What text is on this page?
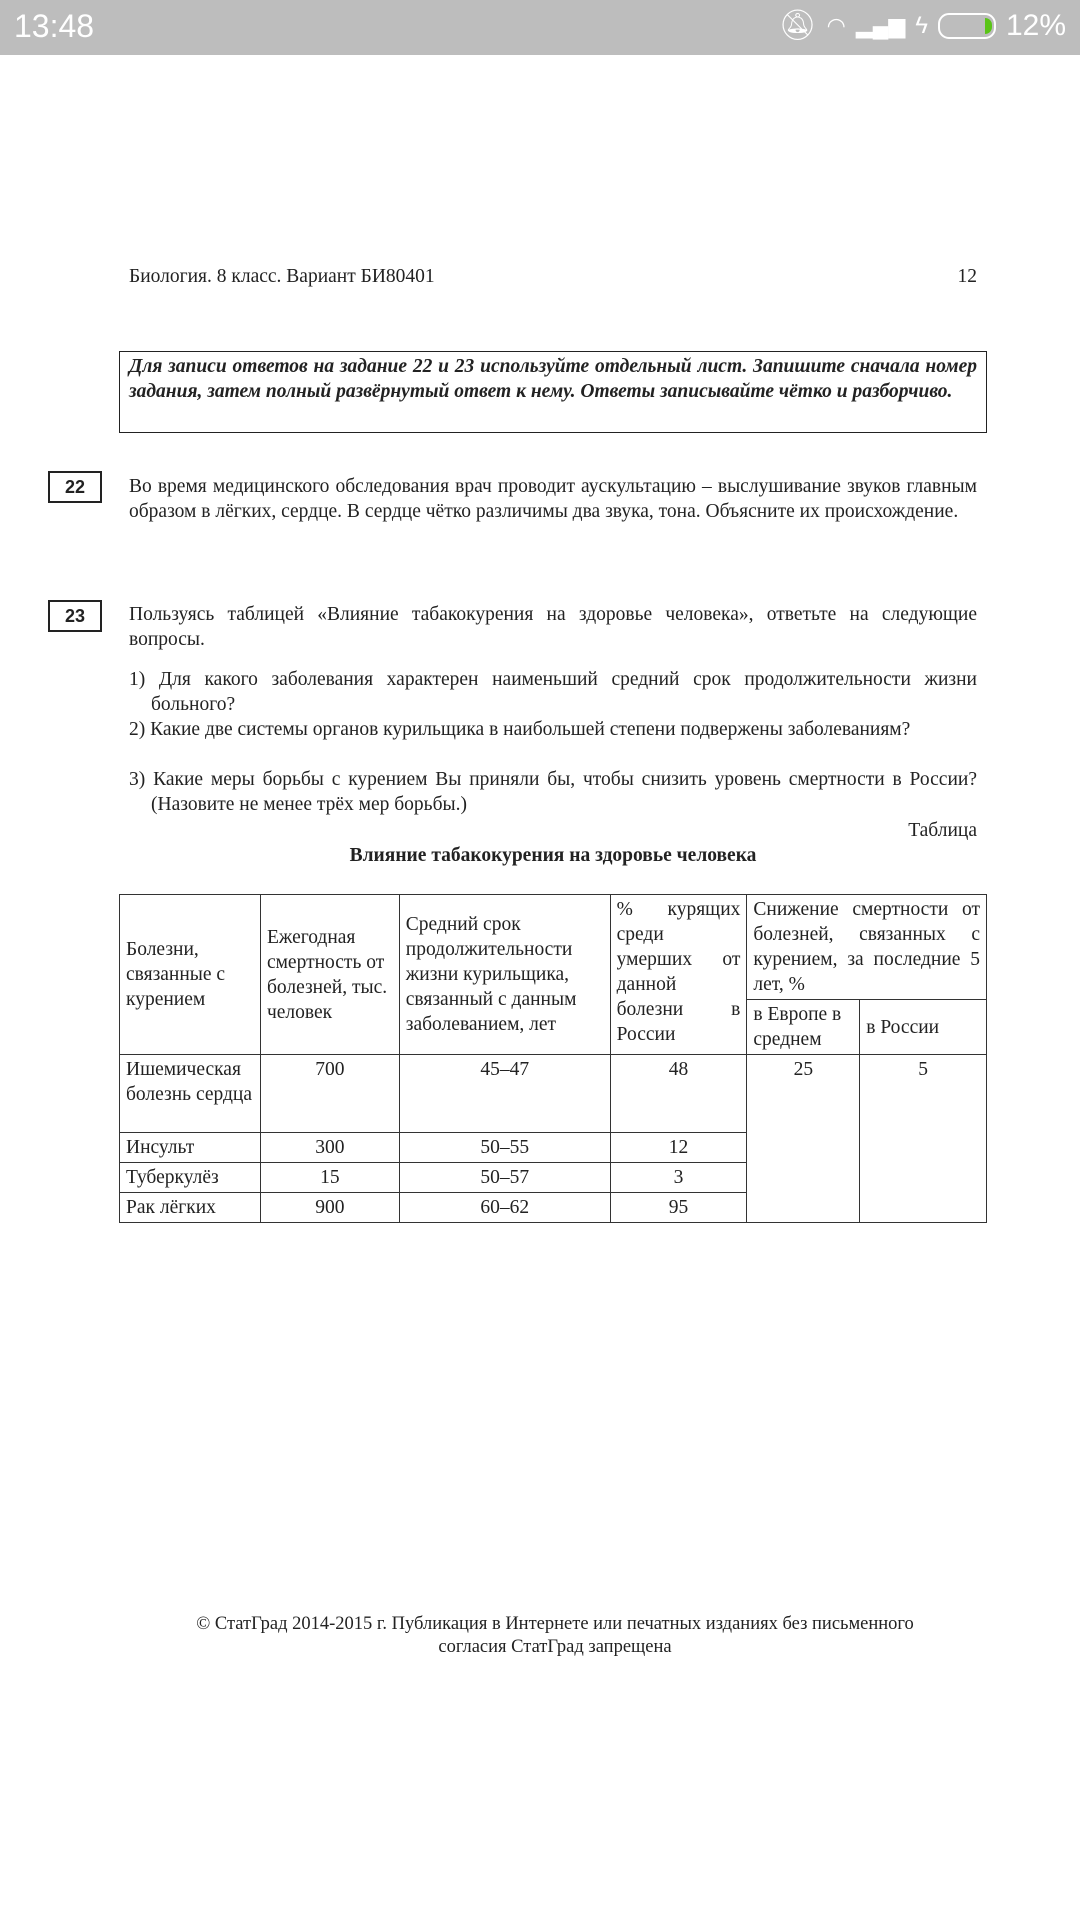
13:48	🔕︎ ◠ ▂▄▆ ϟ	12%
Биология. 8 класс. Вариант БИ80401	12
Для записи ответов на задание 22 и 23 используйте отдельный лист. Запишите сначала номер задания, затем полный развёрнутый ответ к нему. Ответы записывайте чётко и разборчиво.
22	Во время медицинского обследования врач проводит аускультацию – выслушивание звуков главным образом в лёгких, сердце. В сердце чётко различимы два звука, тона. Объясните их происхождение.
23	Пользуясь таблицей «Влияние табакокурения на здоровье человека», ответьте на следующие вопросы.
1) Для какого заболевания характерен наименьший средний срок продолжительности жизни больного?
2) Какие две системы органов курильщика в наибольшей степени подвержены заболеваниям?
3) Какие меры борьбы с курением Вы приняли бы, чтобы снизить уровень смертности в России? (Назовите не менее трёх мер борьбы.)
Таблица
Влияние табакокурения на здоровье человека
Болезни, связанные с курением	Ежегодная смертность от болезней, тыс. человек	Средний срок продолжительности жизни курильщика, связанный с данным заболеванием, лет	% курящих среди умерших от данной болезни в России	Снижение смертности от болезней, связанных с курением, за последние 5 лет, %	
				в Европе в среднем	в России
Ишемическая болезнь сердца	700	45–47	48	25	5
Инсульт	300	50–55	12		
Туберкулёз	15	50–57	3		
Рак лёгких	900	60–62	95		
© СтатГрад 2014-2015 г. Публикация в Интернете или печатных изданиях без письменного согласия СтатГрад запрещена
